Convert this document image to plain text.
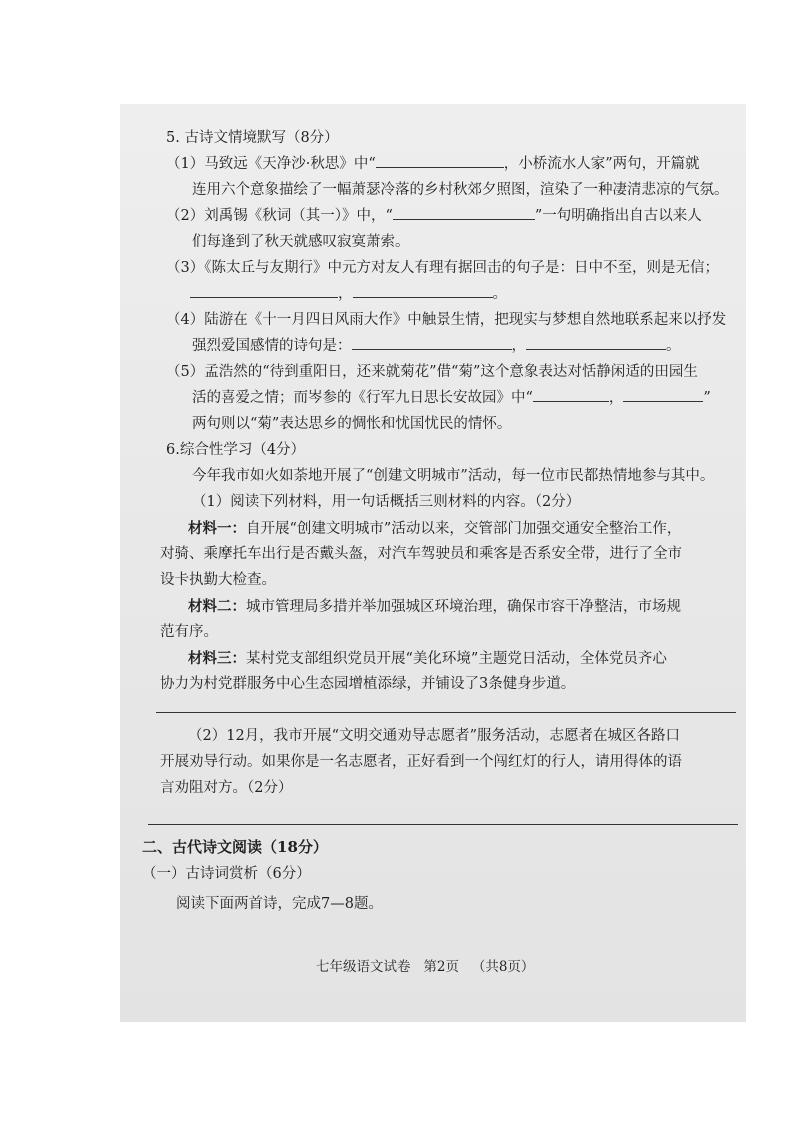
5. 古诗文情境默写（8分）
（1）马致远《天净沙·秋思》中“	，小桥流水人家”两句，开篇就
连用六个意象描绘了一幅萧瑟冷落的乡村秋郊夕照图，渲染了一种凄清悲凉的气氛。
（2）刘禹锡《秋词（其一）》中，“	”一句明确指出自古以来人
们每逢到了秋天就感叹寂寞萧索。
（3）《陈太丘与友期行》中元方对友人有理有据回击的句子是：日中不至，则是无信；
，	。
（4）陆游在《十一月四日风雨大作》中触景生情，把现实与梦想自然地联系起来以抒发
强烈爱国感情的诗句是：	，	。
（5）孟浩然的“待到重阳日，还来就菊花”借“菊”这个意象表达对恬静闲适的田园生
活的喜爱之情；而岑参的《行军九日思长安故园》中“	，	”
两句则以“菊”表达思乡的惆怅和忧国忧民的情怀。
6.综合性学习（4分）
今年我市如火如荼地开展了“创建文明城市”活动，每一位市民都热情地参与其中。
（1）阅读下列材料，用一句话概括三则材料的内容。（2分）
材料一：自开展“创建文明城市”活动以来，交管部门加强交通安全整治工作，
对骑、乘摩托车出行是否戴头盔，对汽车驾驶员和乘客是否系安全带，进行了全市
设卡执勤大检查。
材料二：城市管理局多措并举加强城区环境治理，确保市容干净整洁，市场规
范有序。
材料三：某村党支部组织党员开展“美化环境”主题党日活动，全体党员齐心
协力为村党群服务中心生态园增植添绿，并铺设了3条健身步道。
（2）12月，我市开展“文明交通劝导志愿者”服务活动，志愿者在城区各路口
开展劝导行动。如果你是一名志愿者，正好看到一个闯红灯的行人，请用得体的语
言劝阻对方。（2分）
二、古代诗文阅读（18分）
（一）古诗词赏析（6分）
阅读下面两首诗，完成7—8题。
七年级语文试卷 第2页 （共8页）
